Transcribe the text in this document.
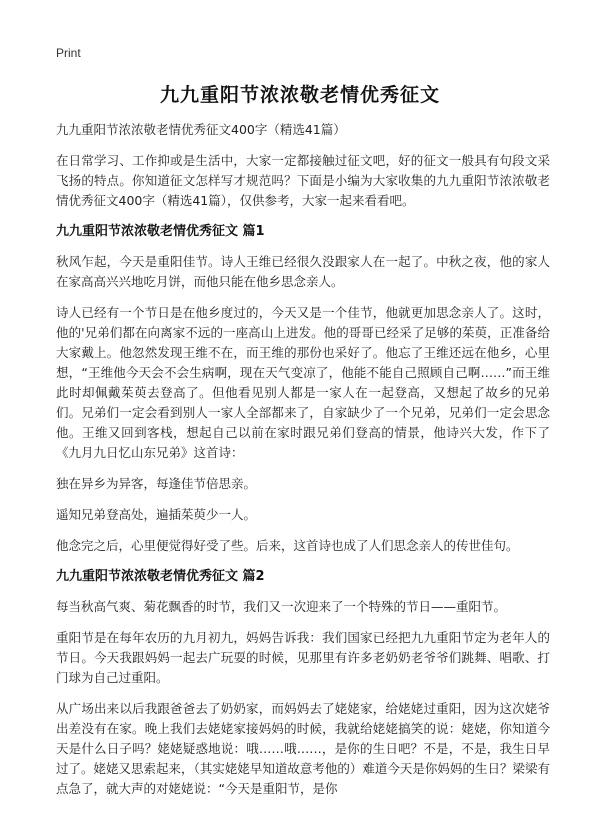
Print
九九重阳节浓浓敬老情优秀征文

九九重阳节浓浓敬老情优秀征文400字（精选41篇）

在日常学习、工作抑或是生活中，大家一定都接触过征文吧，好的征文一般具有句段文采飞扬的特点。你知道征文怎样写才规范吗？下面是小编为大家收集的九九重阳节浓浓敬老情优秀征文400字（精选41篇），仅供参考，大家一起来看看吧。

九九重阳节浓浓敬老情优秀征文 篇1

秋风乍起，今天是重阳佳节。诗人王维已经很久没跟家人在一起了。中秋之夜，他的家人在家高高兴兴地吃月饼，而他只能在他乡思念亲人。

诗人已经有一个节日是在他乡度过的，今天又是一个佳节，他就更加思念亲人了。这时，他的'兄弟们都在向离家不远的一座高山上进发。他的哥哥已经采了足够的茱萸，正准备给大家戴上。他忽然发现王维不在，而王维的那份也采好了。他忘了王维还远在他乡，心里想，“王维他今天会不会生病啊，现在天气变凉了，他能不能自己照顾自己啊……”而王维此时却佩戴茱萸去登高了。但他看见别人都是一家人在一起登高，又想起了故乡的兄弟们。兄弟们一定会看到别人一家人全部都来了，自家缺少了一个兄弟，兄弟们一定会思念他。王维又回到客栈，想起自己以前在家时跟兄弟们登高的情景，他诗兴大发，作下了《九月九日忆山东兄弟》这首诗：

独在异乡为异客，每逢佳节倍思亲。

遥知兄弟登高处，遍插茱萸少一人。

他念完之后，心里便觉得好受了些。后来，这首诗也成了人们思念亲人的传世佳句。

九九重阳节浓浓敬老情优秀征文 篇2

每当秋高气爽、菊花飘香的时节，我们又一次迎来了一个特殊的节日——重阳节。

重阳节是在每年农历的九月初九，妈妈告诉我：我们国家已经把九九重阳节定为老年人的节日。今天我跟妈妈一起去广玩耍的时候，见那里有许多老奶奶老爷爷们跳舞、唱歌、打门球为自己过重阳。

从广场出来以后我跟爸爸去了奶奶家，而妈妈去了姥姥家，给姥姥过重阳，因为这次姥爷出差没有在家。晚上我们去姥姥家接妈妈的时候，我就给姥姥搞笑的说：姥姥，你知道今天是什么日子吗？姥姥疑惑地说：哦……哦……，是你的生日吧？不是，不是，我生日早过了。姥姥又思索起来，（其实姥姥早知道故意考他的）难道今天是你妈妈的生日？梁梁有点急了，就大声的对姥姥说：“今天是重阳节，是你
